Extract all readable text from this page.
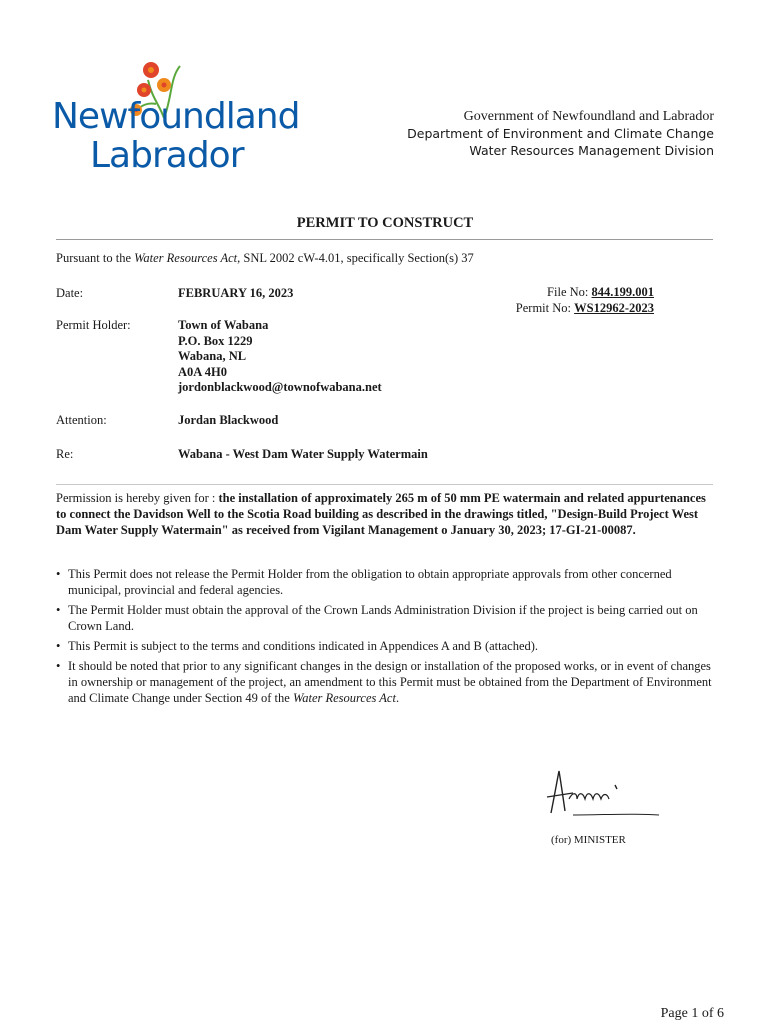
Newfoundland
Labrador
Government of Newfoundland and Labrador
Department of Environment and Climate Change
Water Resources Management Division
PERMIT TO CONSTRUCT
Pursuant to the Water Resources Act, SNL 2002 cW-4.01, specifically Section(s) 37
Date:	FEBRUARY 16, 2023	File No: 844.199.001
Permit No: WS12962-2023
Permit Holder:	Town of Wabana
P.O. Box 1229
Wabana, NL
A0A 4H0
jordonblackwood@townofwabana.net
Attention:	Jordan Blackwood
Re:	Wabana - West Dam Water Supply Watermain
Permission is hereby given for : the installation of approximately 265 m of 50 mm PE watermain and related appurtenances to connect the Davidson Well to the Scotia Road building as described in the drawings titled, "Design-Build Project West Dam Water Supply Watermain" as received from Vigilant Management o January 30, 2023; 17-GI-21-00087.
• This Permit does not release the Permit Holder from the obligation to obtain appropriate approvals from other concerned municipal, provincial and federal agencies.
• The Permit Holder must obtain the approval of the Crown Lands Administration Division if the project is being carried out on Crown Land.
• This Permit is subject to the terms and conditions indicated in Appendices A and B (attached).
• It should be noted that prior to any significant changes in the design or installation of the proposed works, or in event of changes in ownership or management of the project, an amendment to this Permit must be obtained from the Department of Environment and Climate Change under Section 49 of the Water Resources Act.
(for) MINISTER
Page 1 of 6
